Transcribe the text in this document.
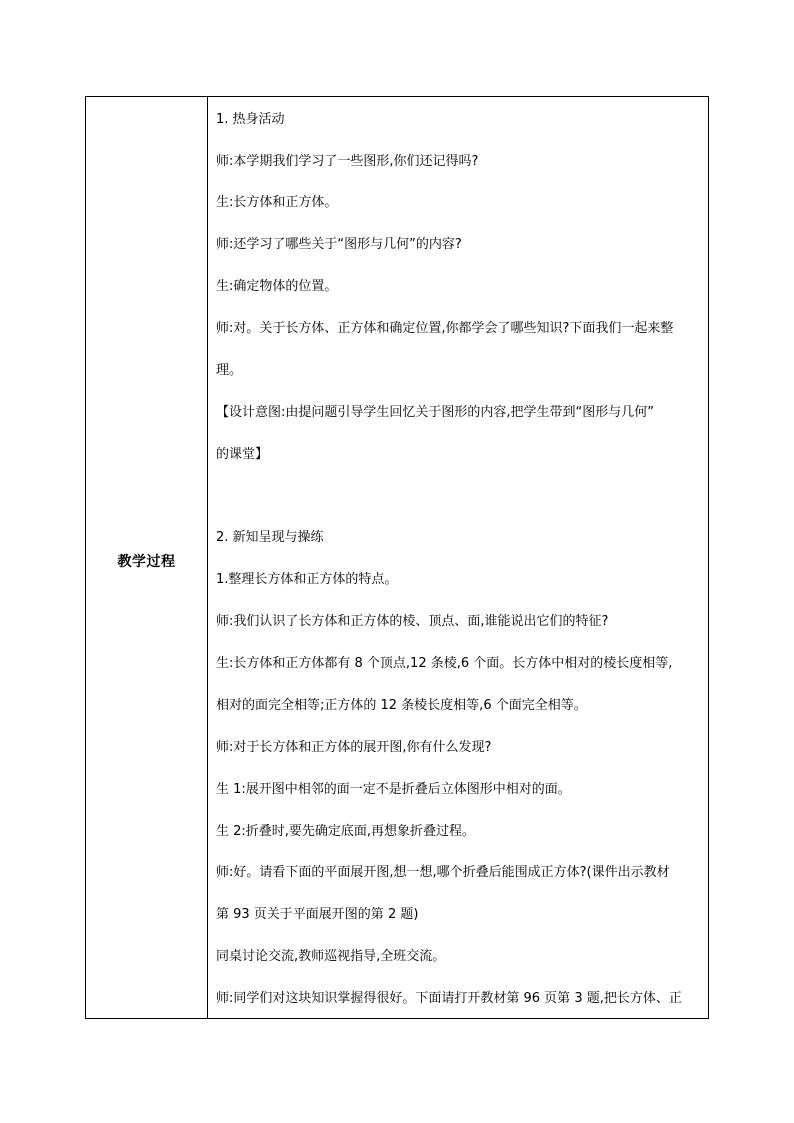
教学过程
1. 热身活动
师:本学期我们学习了一些图形,你们还记得吗?
生:长方体和正方体。
师:还学习了哪些关于“图形与几何”的内容?
生:确定物体的位置。
师:对。关于长方体、正方体和确定位置,你都学会了哪些知识?下面我们一起来整
理。
【设计意图:由提问题引导学生回忆关于图形的内容,把学生带到“图形与几何”
的课堂】
2. 新知呈现与操练
1.整理长方体和正方体的特点。
师:我们认识了长方体和正方体的棱、顶点、面,谁能说出它们的特征?
生:长方体和正方体都有 8 个顶点,12 条棱,6 个面。长方体中相对的棱长度相等,
相对的面完全相等;正方体的 12 条棱长度相等,6 个面完全相等。
师:对于长方体和正方体的展开图,你有什么发现?
生 1:展开图中相邻的面一定不是折叠后立体图形中相对的面。
生 2:折叠时,要先确定底面,再想象折叠过程。
师:好。请看下面的平面展开图,想一想,哪个折叠后能围成正方体?(课件出示教材
第 93 页关于平面展开图的第 2 题)
同桌讨论交流,教师巡视指导,全班交流。
师:同学们对这块知识掌握得很好。下面请打开教材第 96 页第 3 题,把长方体、正
